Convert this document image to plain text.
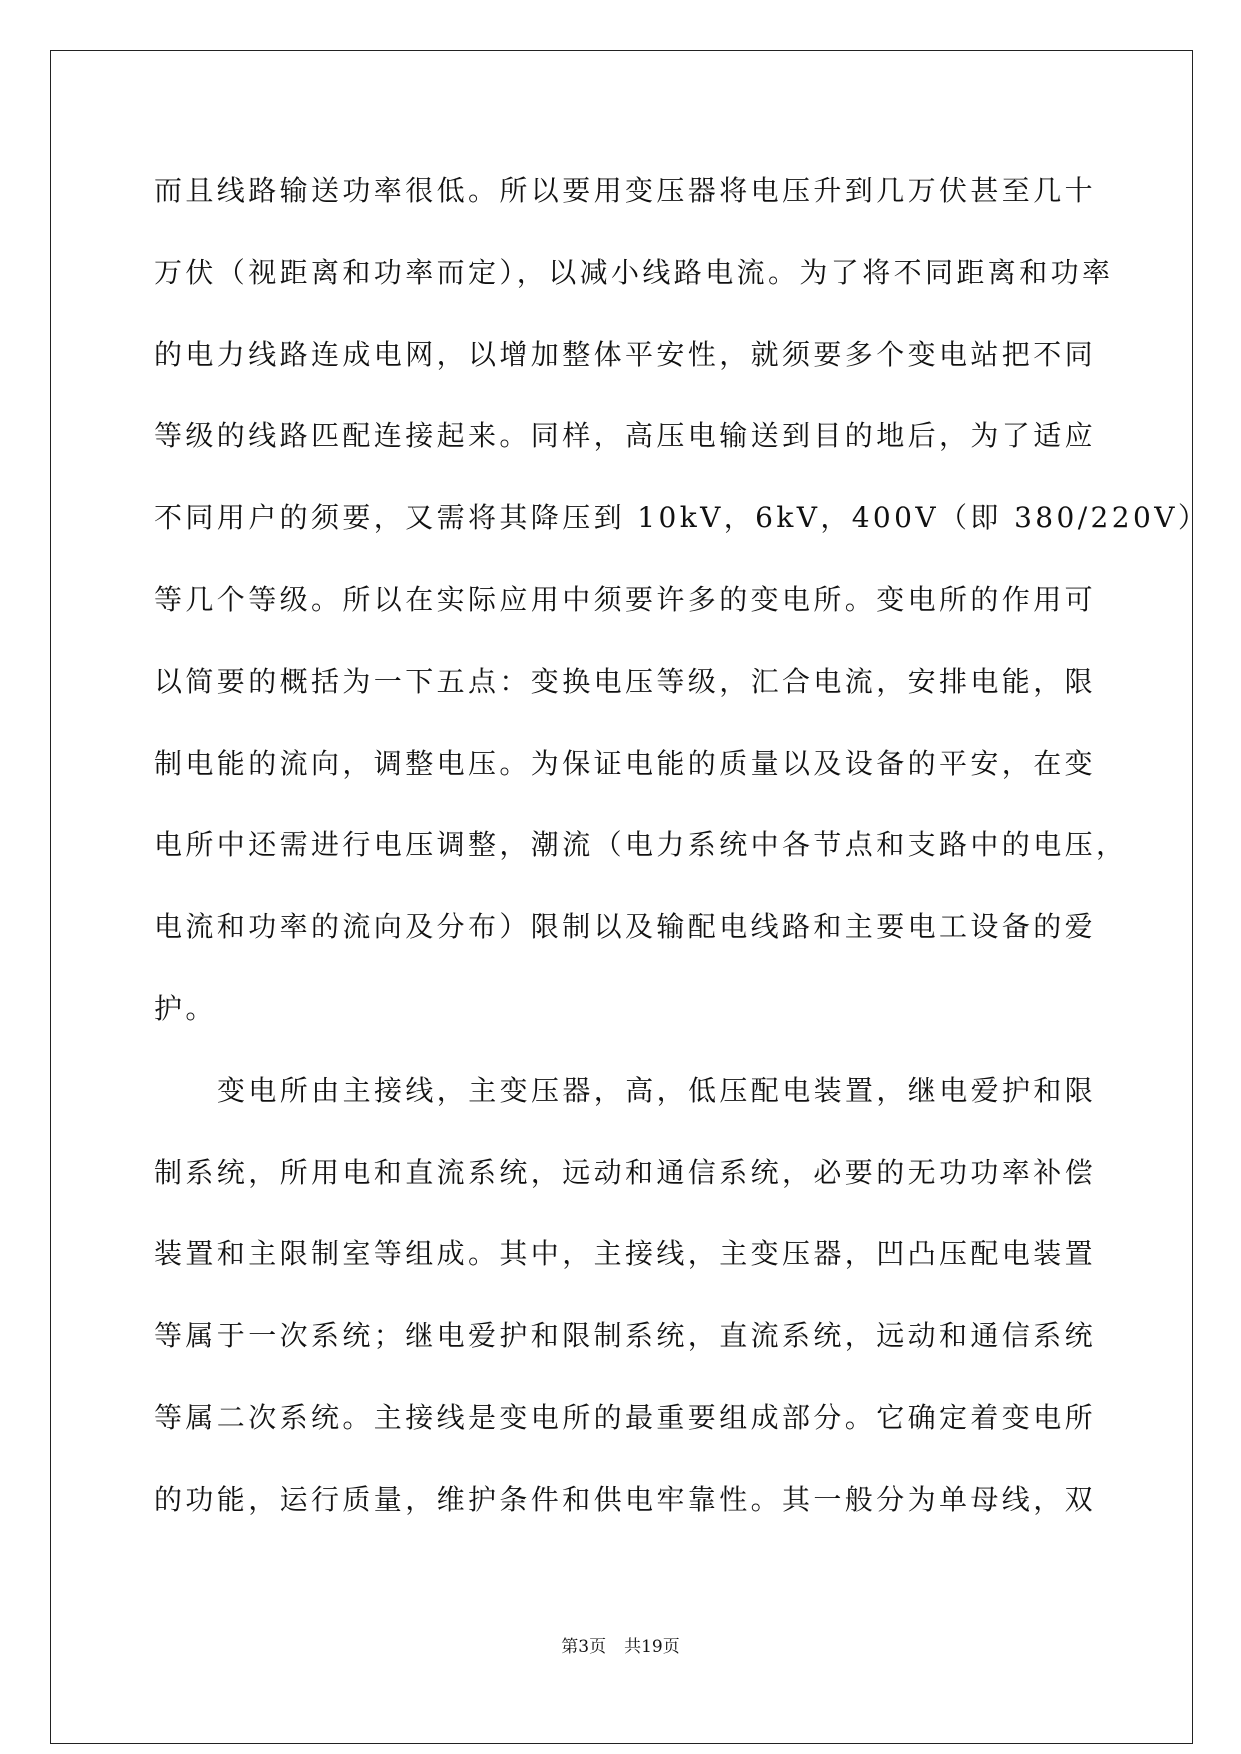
而且线路输送功率很低。所以要用变压器将电压升到几万伏甚至几十
万伏（视距离和功率而定），以减小线路电流。为了将不同距离和功率
的电力线路连成电网，以增加整体平安性，就须要多个变电站把不同
等级的线路匹配连接起来。同样，高压电输送到目的地后，为了适应
不同用户的须要，又需将其降压到 10kV，6kV，400V（即 380/220V）
等几个等级。所以在实际应用中须要许多的变电所。变电所的作用可
以简要的概括为一下五点：变换电压等级，汇合电流，安排电能，限
制电能的流向，调整电压。为保证电能的质量以及设备的平安，在变
电所中还需进行电压调整，潮流（电力系统中各节点和支路中的电压，
电流和功率的流向及分布）限制以及输配电线路和主要电工设备的爱
护。
变电所由主接线，主变压器，高，低压配电装置，继电爱护和限
制系统，所用电和直流系统，远动和通信系统，必要的无功功率补偿
装置和主限制室等组成。其中，主接线，主变压器，凹凸压配电装置
等属于一次系统；继电爱护和限制系统，直流系统，远动和通信系统
等属二次系统。主接线是变电所的最重要组成部分。它确定着变电所
的功能，运行质量，维护条件和供电牢靠性。其一般分为单母线，双
第3页 共19页
